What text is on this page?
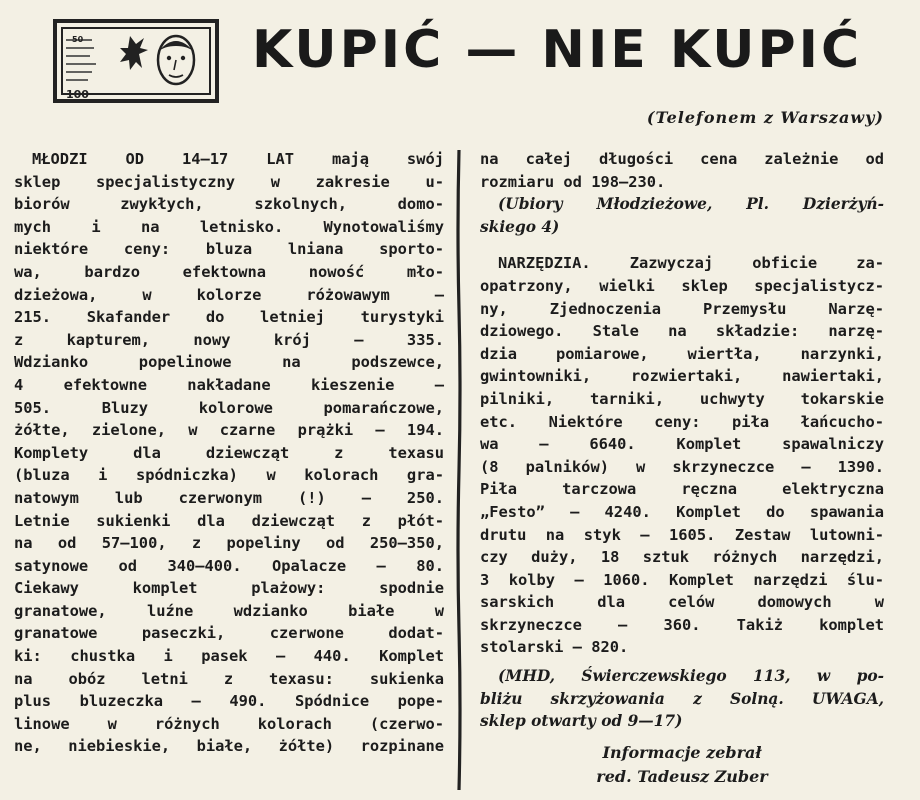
100
50	KUPIĆ — NIE KUPIĆ
(Telefonem z Warszawy)
MŁODZI OD 14—17 LAT mają swój
sklep specjalistyczny w zakresie u-
biorów zwykłych, szkolnych, domo-
mych i na letnisko. Wynotowaliśmy
niektóre ceny: bluza lniana sporto-
wa, bardzo efektowna nowość mło-
dzieżowa, w kolorze różowawym —
215. Skafander do letniej turystyki
z kapturem, nowy krój — 335.
Wdzianko popelinowe na podszewce,
4 efektowne nakładane kieszenie —
505. Bluzy kolorowe pomarańczowe,
żółte, zielone, w czarne prążki — 194.
Komplety dla dziewcząt z texasu
(bluza i spódniczka) w kolorach gra-
natowym lub czerwonym (!) — 250.
Letnie sukienki dla dziewcząt z płót-
na od 57—100, z popeliny od 250—350,
satynowe od 340—400. Opalacze — 80.
Ciekawy komplet plażowy: spodnie
granatowe, luźne wdzianko białe w
granatowe paseczki, czerwone dodat-
ki: chustka i pasek — 440. Komplet
na obóz letni z texasu: sukienka
plus bluzeczka — 490. Spódnice pope-
linowe w różnych kolorach (czerwo-
ne, niebieskie, białe, żółte) rozpinane
na całej długości cena zależnie od
rozmiaru od 198—230.
(Ubiory Młodzieżowe, Pl. Dzierżyń-
skiego 4)
NARZĘDZIA. Zazwyczaj obficie za-
opatrzony, wielki sklep specjalistycz-
ny, Zjednoczenia Przemysłu Narzę-
dziowego. Stale na składzie: narzę-
dzia pomiarowe, wiertła, narzynki,
gwintowniki, rozwiertaki, nawiertaki,
pilniki, tarniki, uchwyty tokarskie
etc. Niektóre ceny: piła łańcucho-
wa — 6640. Komplet spawalniczy
(8 palników) w skrzyneczce — 1390.
Piła tarczowa ręczna elektryczna
„Festo” — 4240. Komplet do spawania
drutu na styk — 1605. Zestaw lutowni-
czy duży, 18 sztuk różnych narzędzi,
3 kolby — 1060. Komplet narzędzi ślu-
sarskich dla celów domowych w
skrzyneczce — 360. Takiż komplet
stolarski — 820.
(MHD, Świerczewskiego 113, w po-
bliżu skrzyżowania z Solną. UWAGA,
sklep otwarty od 9—17)
Informacje zebrał
red. Tadeusz Zuber
